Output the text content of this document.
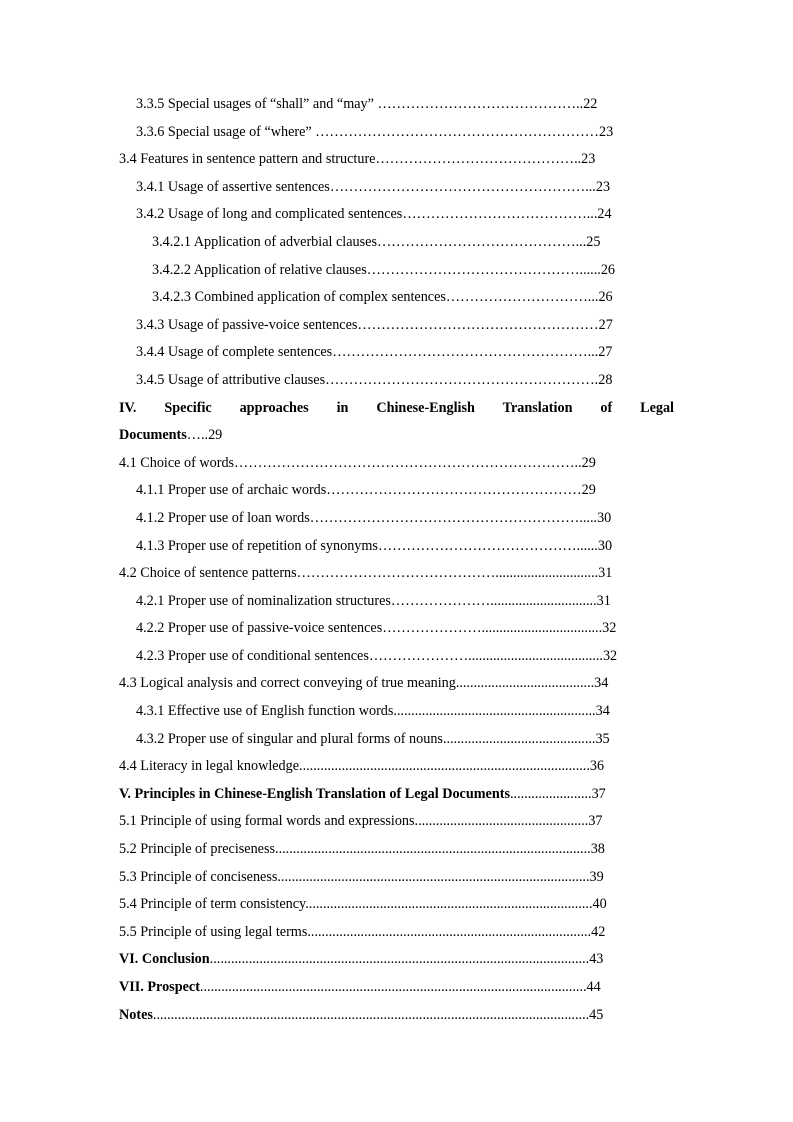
3.3.5 Special usages of “shall” and “may” ……………………………………..22
3.3.6 Special usage of “where” ……………………………………………………23
3.4 Features in sentence pattern and structure……………………………………..23
3.4.1 Usage of assertive sentences………………………………………………...23
3.4.2 Usage of long and complicated sentences…………………………………...24
3.4.2.1 Application of adverbial clauses……………………………………...25
3.4.2.2 Application of relative clauses………………………………………......26
3.4.2.3 Combined application of complex sentences…………………………...26
3.4.3 Usage of passive-voice sentences……………………………………………27
3.4.4 Usage of complete sentences………………………………………………...27
3.4.5 Usage of attributive clauses………………………………………………….28
IV. Specific approaches in Chinese-English Translation of Legal
Documents…..29
4.1 Choice of words………………………………………………………………..29
4.1.1 Proper use of archaic words………………………………………………29
4.1.2 Proper use of loan words………………………………………………….....30
4.1.3 Proper use of repetition of synonyms……………………………………......30
4.2 Choice of sentence patterns…………………………………….............................31
4.2.1 Proper use of nominalization structures…………………..............................31
4.2.2 Proper use of passive-voice sentences…………………..................................32
4.2.3 Proper use of conditional sentences…………………......................................32
4.3 Logical analysis and correct conveying of true meaning.......................................34
4.3.1 Effective use of English function words.........................................................34
4.3.2 Proper use of singular and plural forms of nouns...........................................35
4.4 Literacy in legal knowledge..................................................................................36
V. Principles in Chinese-English Translation of Legal Documents.......................37
5.1 Principle of using formal words and expressions.................................................37
5.2 Principle of preciseness.........................................................................................38
5.3 Principle of conciseness........................................................................................39
5.4 Principle of term consistency.................................................................................40
5.5 Principle of using legal terms................................................................................42
VI. Conclusion...........................................................................................................43
VII. Prospect.............................................................................................................44
Notes...........................................................................................................................45
